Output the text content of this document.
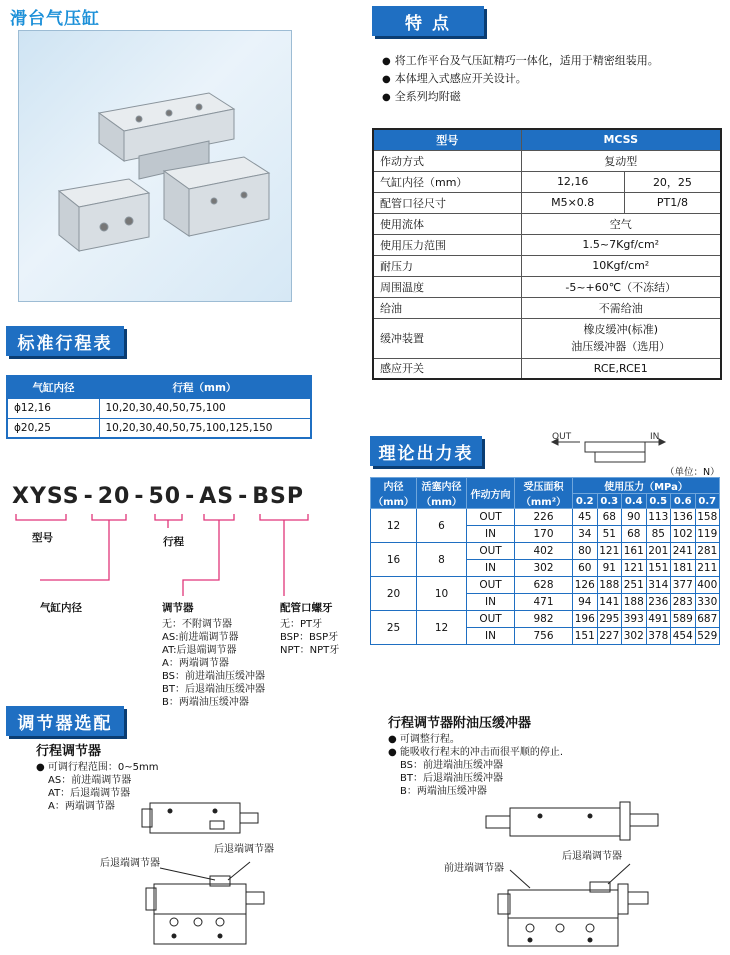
滑台气压缸	特 点
● 将工作平台及气压缸精巧一体化，适用于精密组装用。
● 本体埋入式感应开关设计。
● 全系列均附磁
型号	MCSS	
作动方式	复动型	
气缸内径（mm）	12,16	20，25
配管口径尺寸	M5×0.8	PT1/8
使用流体	空气	
使用压力范围	1.5~7Kgf/cm²	
耐压力	10Kgf/cm²	
周围温度	-5~+60℃（不冻结）	
给油	不需给油	
缓冲装置	橡皮缓冲(标准)
油压缓冲器（选用）	

感应开关	RCE,RCE1	
标准行程表
气缸内径	行程（mm）
ϕ12,16	10,20,30,40,50,75,100
ϕ20,25	10,20,30,40,50,75,100,125,150
XYSS - 20 - 50 - AS - BSP
型号	行程
气缸内径	调节器	配管口螺牙
无：不附调节器
AS:前进端调节器
AT:后退端调节器
A：两端调节器
BS：前进端油压缓冲器
BT：后退端油压缓冲器
B：两端油压缓冲器
无：PT牙
BSP：BSP牙
NPT：NPT牙
理论出力表
OUT	IN
（单位：N）
内径（mm）	活塞内径（mm）	作动方向	受压面积（mm²）	使用压力（MPa）					
				0.2	0.3	0.4	0.5	0.6	0.7
12	6	OUT	226	45	68	90	113	136	158
		IN	170	34	51	68	85	102	119
16	8	OUT	402	80	121	161	201	241	281
		IN	302	60	91	121	151	181	211
20	10	OUT	628	126	188	251	314	377	400
		IN	471	94	141	188	236	283	330
25	12	OUT	982	196	295	393	491	589	687
		IN	756	151	227	302	378	454	529
调节器选配
行程调节器
● 可调行程范围：0~5mm
AS：前进端调节器
AT：后退端调节器
A：两端调节器
行程调节器附油压缓冲器
● 可调整行程。
● 能吸收行程末的冲击而很平顺的停止.
BS：前进端油压缓冲器
BT：后退端油压缓冲器
B：两端油压缓冲器
后退端调节器
后退端调节器
后退端调节器
前进端调节器
